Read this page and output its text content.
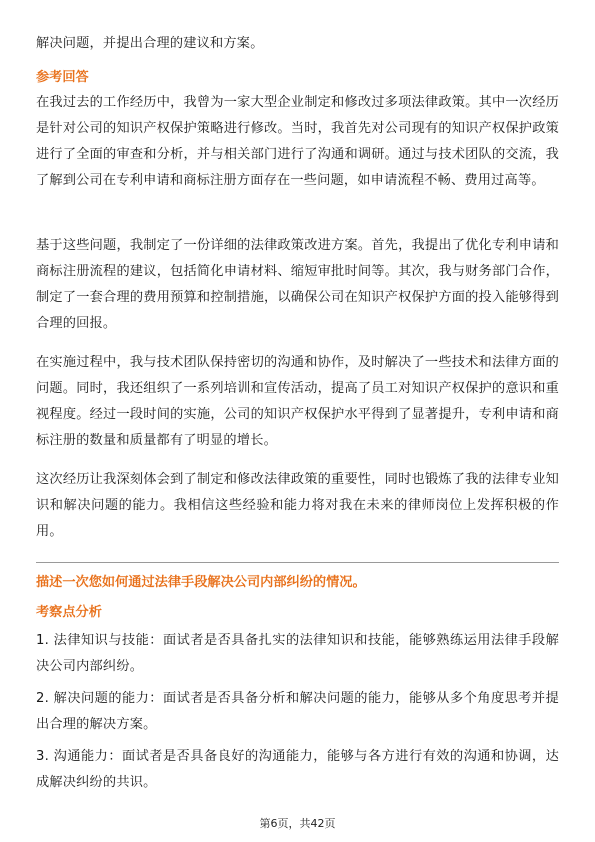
解决问题，并提出合理的建议和方案。

参考回答

在我过去的工作经历中，我曾为一家大型企业制定和修改过多项法律政策。其中一次经历是针对公司的知识产权保护策略进行修改。当时，我首先对公司现有的知识产权保护政策进行了全面的审查和分析，并与相关部门进行了沟通和调研。通过与技术团队的交流，我了解到公司在专利申请和商标注册方面存在一些问题，如申请流程不畅、费用过高等。

基于这些问题，我制定了一份详细的法律政策改进方案。首先，我提出了优化专利申请和商标注册流程的建议，包括简化申请材料、缩短审批时间等。其次，我与财务部门合作，制定了一套合理的费用预算和控制措施，以确保公司在知识产权保护方面的投入能够得到合理的回报。

在实施过程中，我与技术团队保持密切的沟通和协作，及时解决了一些技术和法律方面的问题。同时，我还组织了一系列培训和宣传活动，提高了员工对知识产权保护的意识和重视程度。经过一段时间的实施，公司的知识产权保护水平得到了显著提升，专利申请和商标注册的数量和质量都有了明显的增长。

这次经历让我深刻体会到了制定和修改法律政策的重要性，同时也锻炼了我的法律专业知识和解决问题的能力。我相信这些经验和能力将对我在未来的律师岗位上发挥积极的作用。

描述一次您如何通过法律手段解决公司内部纠纷的情况。
考察点分析

1. 法律知识与技能：面试者是否具备扎实的法律知识和技能，能够熟练运用法律手段解决公司内部纠纷。

2. 解决问题的能力：面试者是否具备分析和解决问题的能力，能够从多个角度思考并提出合理的解决方案。

3. 沟通能力：面试者是否具备良好的沟通能力，能够与各方进行有效的沟通和协调，达成解决纠纷的共识。

第6页，共42页
